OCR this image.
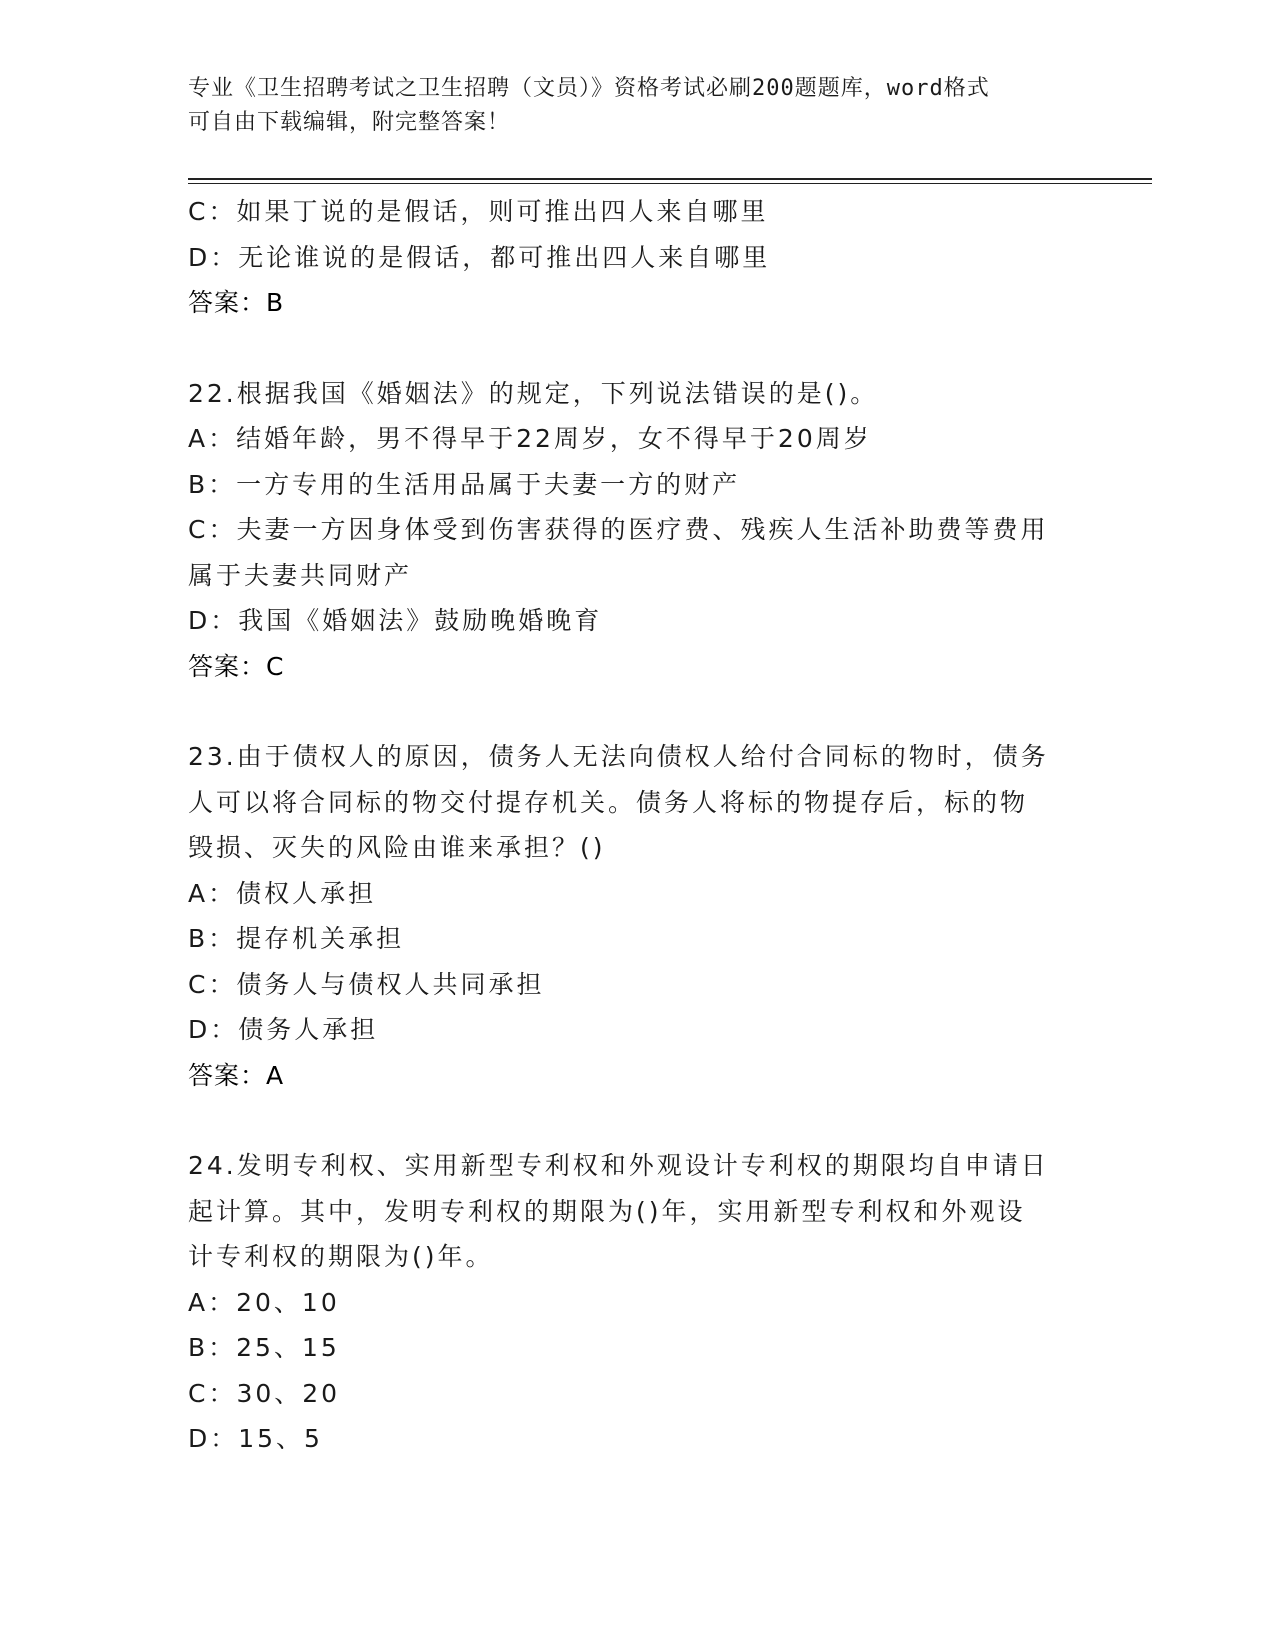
专业《卫生招聘考试之卫生招聘（文员）》资格考试必刷200题题库，word格式
可自由下载编辑，附完整答案！
C：如果丁说的是假话，则可推出四人来自哪里
D：无论谁说的是假话，都可推出四人来自哪里
答案：B
22.根据我国《婚姻法》的规定，下列说法错误的是()。
A：结婚年龄，男不得早于22周岁，女不得早于20周岁
B：一方专用的生活用品属于夫妻一方的财产
C：夫妻一方因身体受到伤害获得的医疗费、残疾人生活补助费等费用
属于夫妻共同财产
D：我国《婚姻法》鼓励晚婚晚育
答案：C
23.由于债权人的原因，债务人无法向债权人给付合同标的物时，债务
人可以将合同标的物交付提存机关。债务人将标的物提存后，标的物
毁损、灭失的风险由谁来承担？()
A：债权人承担
B：提存机关承担
C：债务人与债权人共同承担
D：债务人承担
答案：A
24.发明专利权、实用新型专利权和外观设计专利权的期限均自申请日
起计算。其中，发明专利权的期限为()年，实用新型专利权和外观设
计专利权的期限为()年。
A：20、10
B：25、15
C：30、20
D：15、5
